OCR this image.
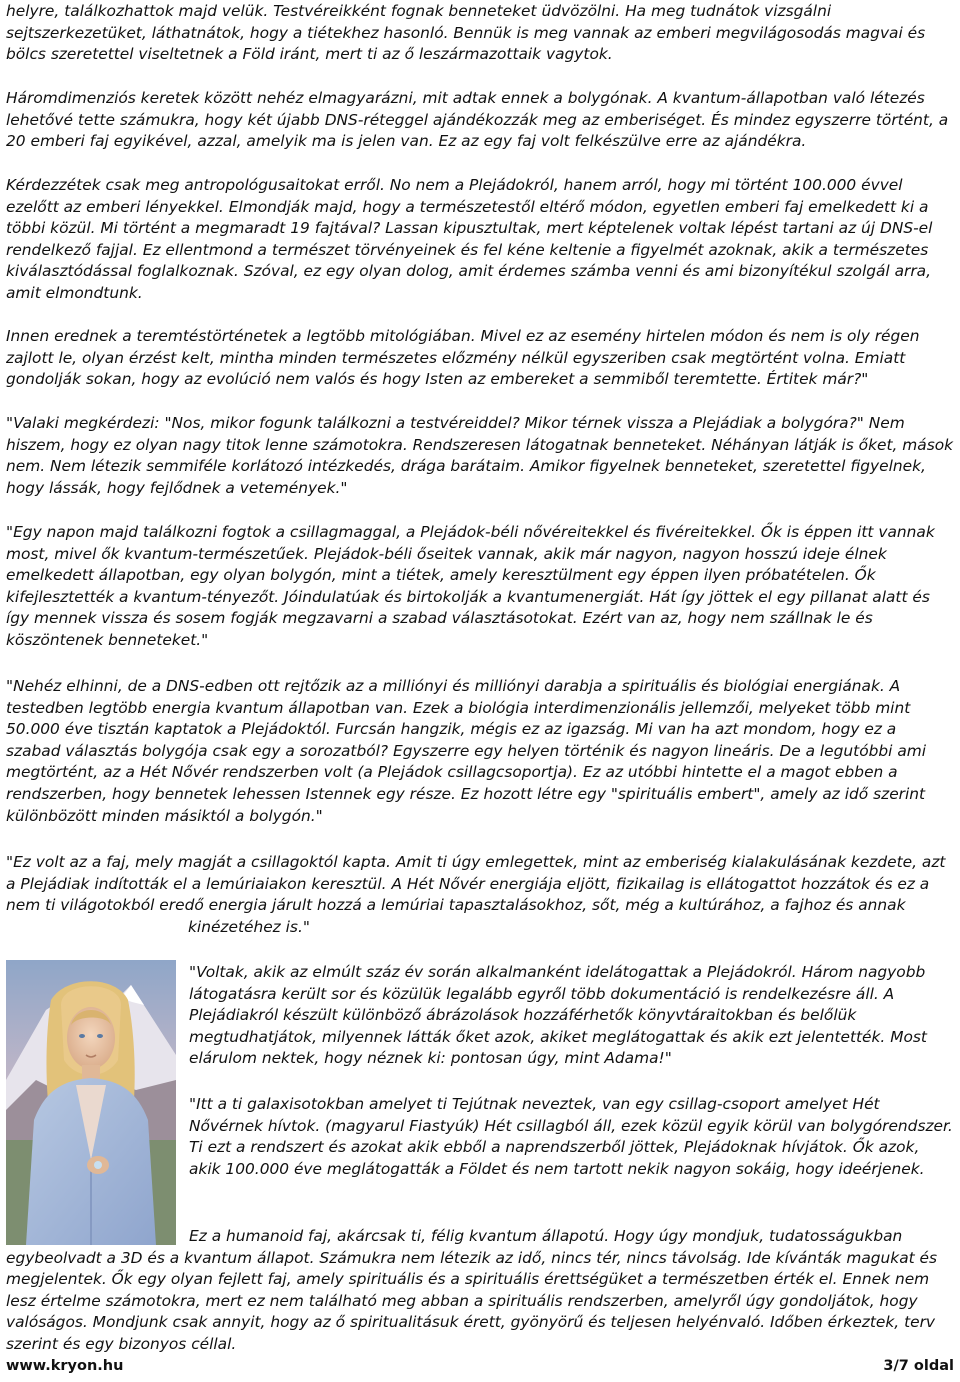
helyre, találkozhattok majd velük. Testvéreikként fognak benneteket üdvözölni. Ha meg tudnátok vizsgálni sejtszerkezetüket, láthatnátok, hogy a tiétekhez hasonló. Bennük is meg vannak az emberi megvilágosodás magvai és bölcs szeretettel viseltetnek a Föld iránt, mert ti az ő leszármazottaik vagytok.

Háromdimenziós keretek között nehéz elmagyarázni, mit adtak ennek a bolygónak. A kvantum-állapotban való létezés lehetővé tette számukra, hogy két újabb DNS-réteggel ajándékozzák meg az emberiséget. És mindez egyszerre történt, a 20 emberi faj egyikével, azzal, amelyik ma is jelen van. Ez az egy faj volt felkészülve erre az ajándékra.

Kérdezzétek csak meg antropológusaitokat erről. No nem a Plejádokról, hanem arról, hogy mi történt 100.000 évvel ezelőtt az emberi lényekkel. Elmondják majd, hogy a természetestől eltérő módon, egyetlen emberi faj emelkedett ki a többi közül. Mi történt a megmaradt 19 fajtával? Lassan kipusztultak, mert képtelenek voltak lépést tartani az új DNS-el rendelkező fajjal. Ez ellentmond a természet törvényeinek és fel kéne keltenie a figyelmét azoknak, akik a természetes kiválasztódással foglalkoznak. Szóval, ez egy olyan dolog, amit érdemes számba venni és ami bizonyítékul szolgál arra, amit elmondtunk.

Innen erednek a teremtéstörténetek a legtöbb mitológiában. Mivel ez az esemény hirtelen módon és nem is oly régen zajlott le, olyan érzést kelt, mintha minden természetes előzmény nélkül egyszeriben csak megtörtént volna. Emiatt gondolják sokan, hogy az evolúció nem valós és hogy Isten az embereket a semmiből teremtette. Értitek már?"

"Valaki megkérdezi: "Nos, mikor fogunk találkozni a testvéreiddel? Mikor térnek vissza a Plejádiak a bolygóra?" Nem hiszem, hogy ez olyan nagy titok lenne számotokra. Rendszeresen látogatnak benneteket. Néhányan látják is őket, mások nem. Nem létezik semmiféle korlátozó intézkedés, drága barátaim. Amikor figyelnek benneteket, szeretettel figyelnek, hogy lássák, hogy fejlődnek a vetemények."

"Egy napon majd találkozni fogtok a csillagmaggal, a Plejádok-béli nővéreitekkel és fivéreitekkel. Ők is éppen itt vannak most, mivel ők kvantum-természetűek. Plejádok-béli őseitek vannak, akik már nagyon, nagyon hosszú ideje élnek emelkedett állapotban, egy olyan bolygón, mint a tiétek, amely keresztülment egy éppen ilyen próbatételen. Ők kifejlesztették a kvantum-tényezőt. Jóindulatúak és birtokolják a kvantumenergiát. Hát így jöttek el egy pillanat alatt és így mennek vissza és sosem fogják megzavarni a szabad választásotokat. Ezért van az, hogy nem szállnak le és köszöntenek benneteket."

"Nehéz elhinni, de a DNS-edben ott rejtőzik az a milliónyi és milliónyi darabja a spirituális és biológiai energiának. A testedben legtöbb energia kvantum állapotban van. Ezek a biológia interdimenzionális jellemzői, melyeket több mint 50.000 éve tisztán kaptatok a Plejádoktól. Furcsán hangzik, mégis ez az igazság. Mi van ha azt mondom, hogy ez a szabad választás bolygója csak egy a sorozatból? Egyszerre egy helyen történik és nagyon lineáris. De a legutóbbi ami megtörtént, az a Hét Nővér rendszerben volt (a Plejádok csillagcsoportja). Ez az utóbbi hintette el a magot ebben a rendszerben, hogy bennetek lehessen Istennek egy része. Ez hozott létre egy "spirituális embert", amely az idő szerint különbözött minden másiktól a bolygón."

"Ez volt az a faj, mely magját a csillagoktól kapta. Amit ti úgy emlegettek, mint az emberiség kialakulásának kezdete, azt a Plejádiak indították el a lemúriaiakon keresztül. A Hét Nővér energiája eljött, fizikailag is ellátogattot hozzátok és ez a nem ti világotokból eredő energia járult hozzá a lemúriai tapasztalásokhoz, sőt, még a kultúrához, a fajhoz és annak
kinézetéhez is."

"Voltak, akik az elmúlt száz év során alkalmanként idelátogattak a Plejádokról. Három nagyobb látogatásra került sor és közülük legalább egyről több dokumentáció is rendelkezésre áll. A Plejádiakról készült különböző ábrázolások hozzáférhetők könyvtáraitokban és belőlük megtudhatjátok, milyennek látták őket azok, akiket meglátogattak és akik ezt jelentették. Most elárulom nektek, hogy néznek ki: pontosan úgy, mint Adama!"

"Itt a ti galaxisotokban amelyet ti Tejútnak neveztek, van egy csillag-csoport amelyet Hét Nővérnek hívtok. (magyarul Fiastyúk) Hét csillagból áll, ezek közül egyik körül van bolygórendszer. Ti ezt a rendszert és azokat akik ebből a naprendszerből jöttek, Plejádoknak hívjátok. Ők azok, akik 100.000 éve meglátogatták a Földet és nem tartott nekik nagyon sokáig, hogy ideérjenek.

Ez a humanoid faj, akárcsak ti, félig kvantum állapotú. Hogy úgy mondjuk, tudatosságukban
egybeolvadt a 3D és a kvantum állapot. Számukra nem létezik az idő, nincs tér, nincs távolság. Ide kívánták magukat és megjelentek. Ők egy olyan fejlett faj, amely spirituális és a spirituális érettségüket a természetben érték el. Ennek nem lesz értelme számotokra, mert ez nem található meg abban a spirituális rendszerben, amelyről úgy gondoljátok, hogy valóságos. Mondjunk csak annyit, hogy az ő spiritualitásuk érett, gyönyörű és teljesen helyénvaló. Időben érkeztek, terv szerint és egy bizonyos céllal.

www.kryon.hu	3/7 oldal
